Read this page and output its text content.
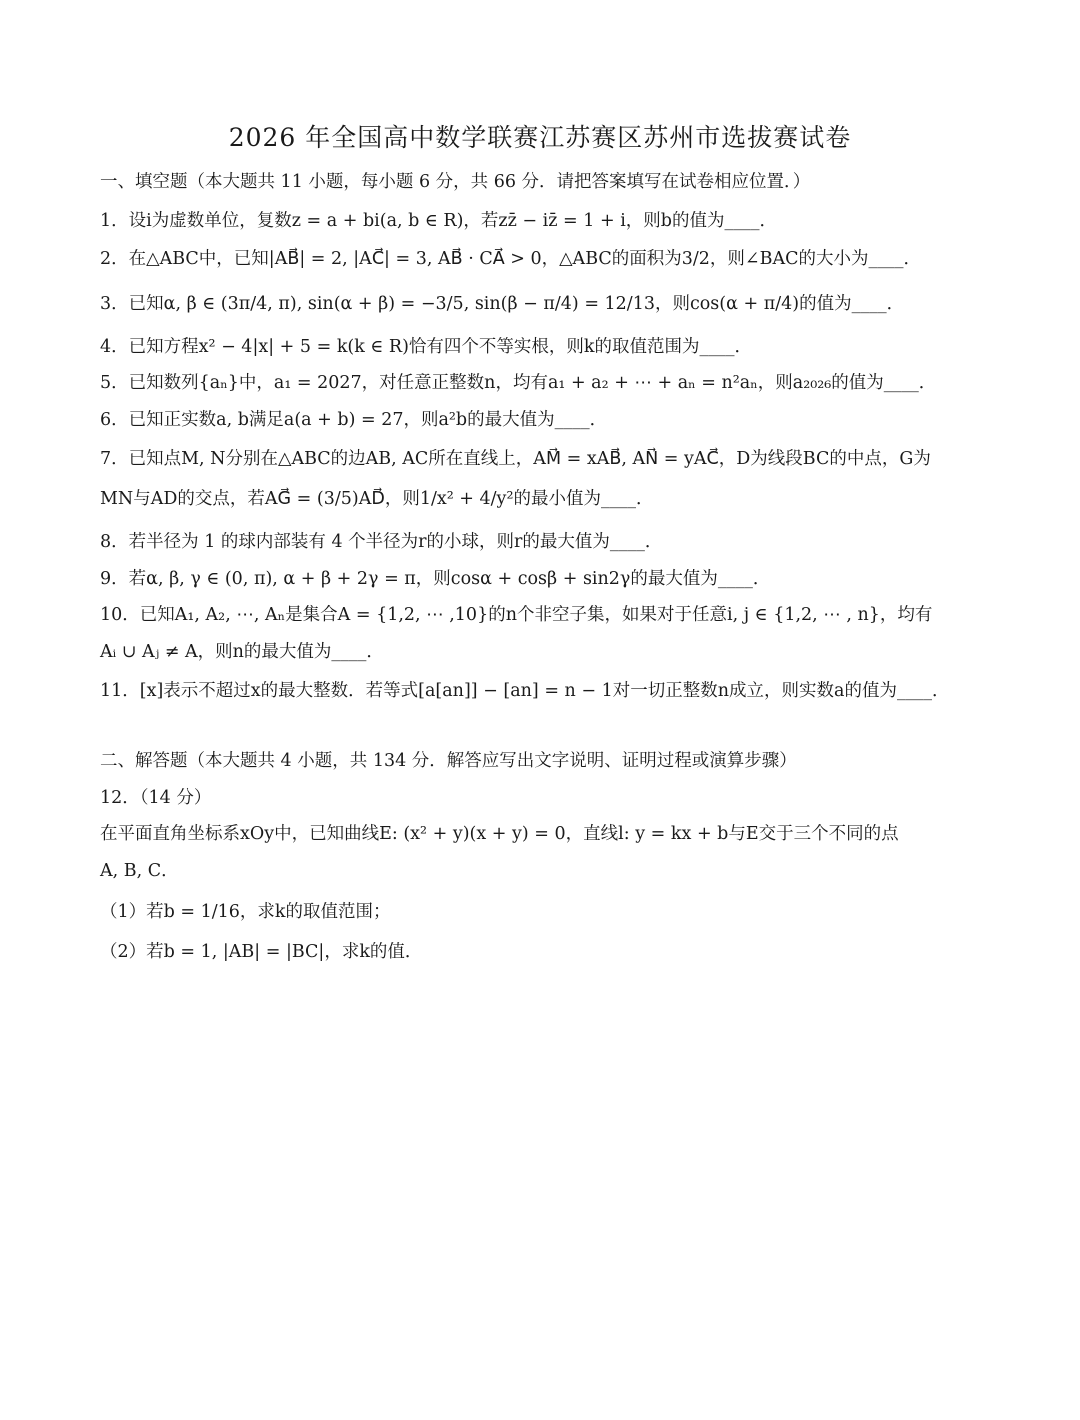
2026 年全国高中数学联赛江苏赛区苏州市选拔赛试卷
一、填空题（本大题共 11 小题，每小题 6 分，共 66 分．请把答案填写在试卷相应位置．）
1．设i为虚数单位，复数z = a + bi(a, b ∈ R)，若zz̄ − iz̄ = 1 + i，则b的值为____．
2．在△ABC中，已知|AB⃗| = 2, |AC⃗| = 3, AB⃗ · CA⃗ > 0，△ABC的面积为3/2，则∠BAC的大小为____．
3．已知α, β ∈ (3π/4, π), sin(α + β) = −3/5, sin(β − π/4) = 12/13，则cos(α + π/4)的值为____．
4．已知方程x² − 4|x| + 5 = k(k ∈ R)恰有四个不等实根，则k的取值范围为____．
5．已知数列{aₙ}中，a₁ = 2027，对任意正整数n，均有a₁ + a₂ + ⋯ + aₙ = n²aₙ，则a₂₀₂₆的值为____．
6．已知正实数a, b满足a(a + b) = 27，则a²b的最大值为____．
7．已知点M, N分别在△ABC的边AB, AC所在直线上，AM⃗ = xAB⃗, AN⃗ = yAC⃗，D为线段BC的中点，G为
MN与AD的交点，若AG⃗ = (3/5)AD⃗，则1/x² + 4/y²的最小值为____．
8．若半径为 1 的球内部装有 4 个半径为r的小球，则r的最大值为____．
9．若α, β, γ ∈ (0, π), α + β + 2γ = π，则cosα + cosβ + sin2γ的最大值为____．
10．已知A₁, A₂, ⋯, Aₙ是集合A = {1,2, ⋯ ,10}的n个非空子集，如果对于任意i, j ∈ {1,2, ⋯ , n}，均有
Aᵢ ∪ Aⱼ ≠ A，则n的最大值为____．
11．[x]表示不超过x的最大整数．若等式[a[an]] − [an] = n − 1对一切正整数n成立，则实数a的值为____．
二、解答题（本大题共 4 小题，共 134 分．解答应写出文字说明、证明过程或演算步骤）
12．（14 分）
在平面直角坐标系xOy中，已知曲线E: (x² + y)(x + y) = 0，直线l: y = kx + b与E交于三个不同的点
A, B, C．
（1）若b = 1/16，求k的取值范围；
（2）若b = 1, |AB| = |BC|，求k的值．
